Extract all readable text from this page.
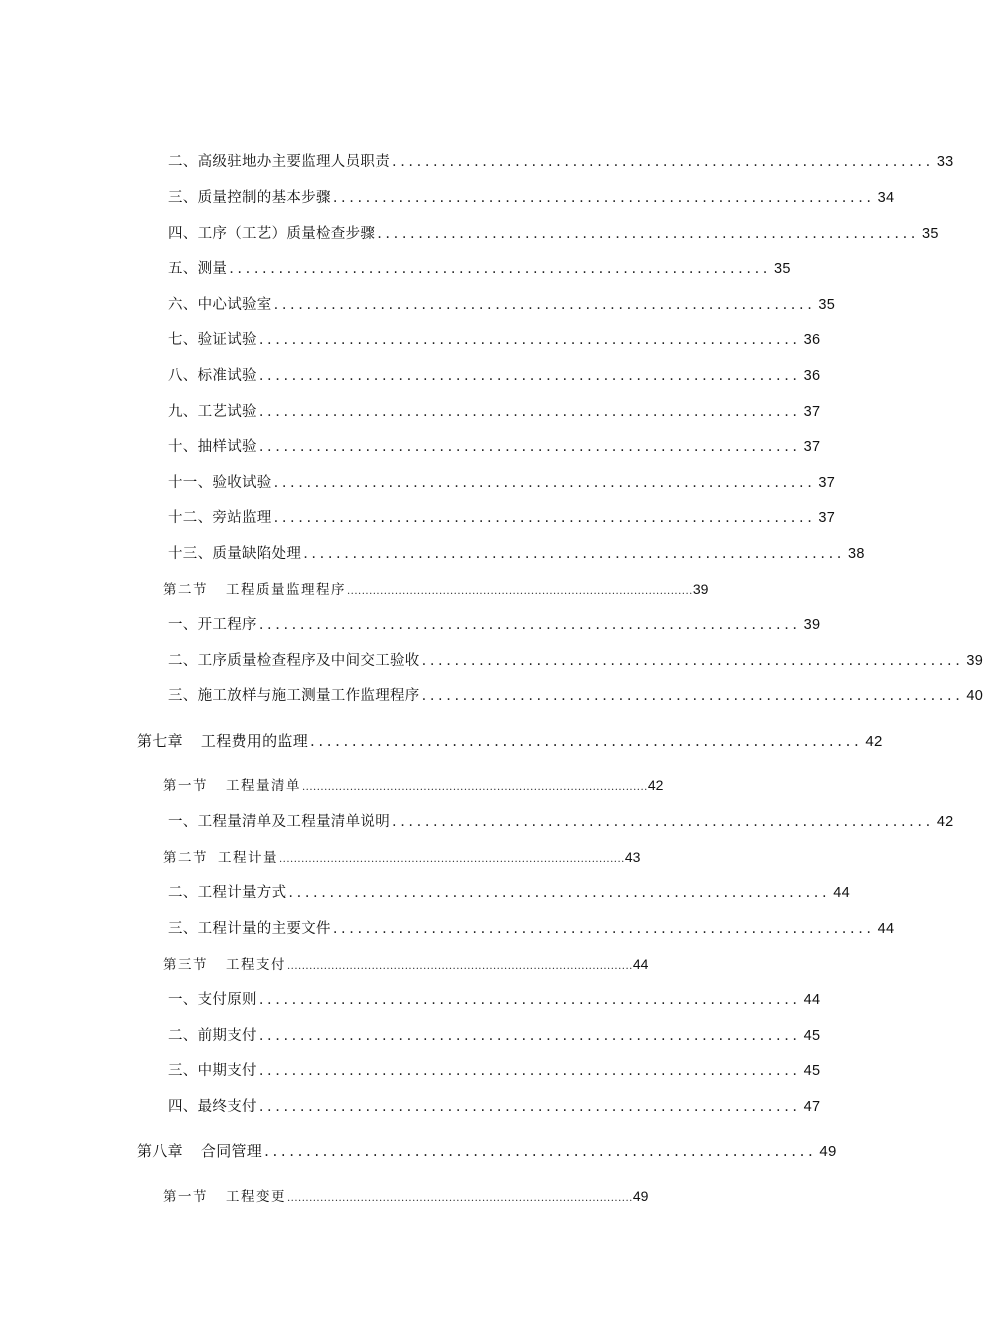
二、高级驻地办主要监理人员职责 .................................................................. 33
三、质量控制的基本步骤 .................................................................. 34
四、工序（工艺）质量检查步骤 .................................................................. 35
五、测量 .................................................................. 35
六、中心试验室 .................................................................. 35
七、验证试验 .................................................................. 36
八、标准试验 .................................................................. 36
九、工艺试验 .................................................................. 37
十、抽样试验 .................................................................. 37
十一、验收试验 .................................................................. 37
十二、旁站监理 .................................................................. 37
十三、质量缺陷处理 .................................................................. 38
第二节 工程质量监理程序 .............................................................................................. 39
一、开工程序 .................................................................. 39
二、工序质量检查程序及中间交工验收 .................................................................. 39
三、施工放样与施工测量工作监理程序 .................................................................. 40
第七章 工程费用的监理 .................................................................. 42
第一节 工程量清单 .............................................................................................. 42
一、工程量清单及工程量清单说明 .................................................................. 42
第二节 工程计量 .............................................................................................. 43
二、工程计量方式 .................................................................. 44
三、工程计量的主要文件 .................................................................. 44
第三节 工程支付 .............................................................................................. 44
一、支付原则 .................................................................. 44
二、前期支付 .................................................................. 45
三、中期支付 .................................................................. 45
四、最终支付 .................................................................. 47
第八章 合同管理 .................................................................. 49
第一节 工程变更 .............................................................................................. 49
